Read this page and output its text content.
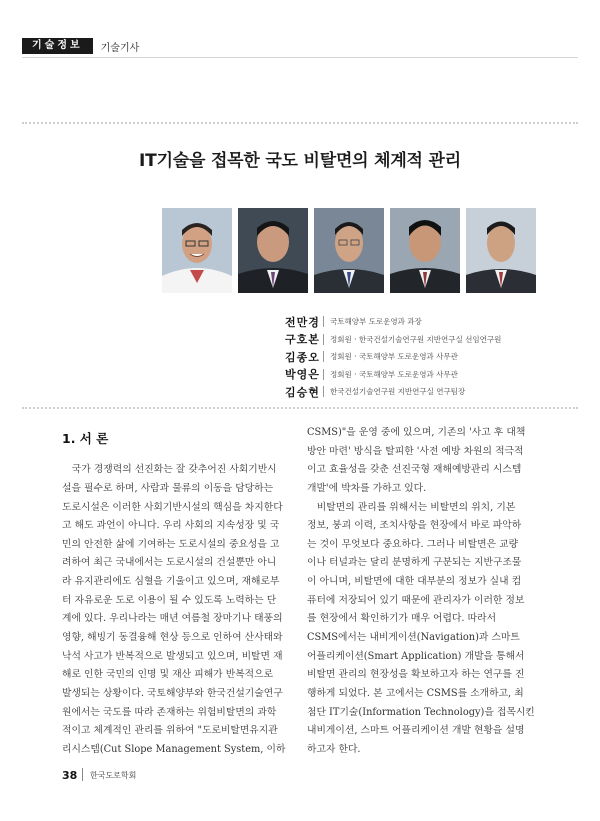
기술정보	기술기사
IT기술을 접목한 국도 비탈면의 체계적 관리
전만경 국토해양부 도로운영과 과장
구호본 정회원 · 한국건설기술연구원 지반연구실 선임연구원
김종오 정회원 · 국토해양부 도로운영과 사무관
박영은 정회원 · 국토해양부 도로운영과 사무관
김승현 한국건설기술연구원 지반연구실 연구팀장
1. 서 론
　국가 경쟁력의 선진화는 잘 갖추어진 사회기반시
설을 필수로 하며, 사람과 물류의 이동을 담당하는
도로시설은 이러한 사회기반시설의 핵심을 차지한다
고 해도 과언이 아니다. 우리 사회의 지속성장 및 국
민의 안전한 삶에 기여하는 도로시설의 중요성을 고
려하여 최근 국내에서는 도로시설의 건설뿐만 아니
라 유지관리에도 심혈을 기울이고 있으며, 재해로부
터 자유로운 도로 이용이 될 수 있도록 노력하는 단
계에 있다. 우리나라는 매년 여름철 장마기나 태풍의
영향, 해빙기 동결융해 현상 등으로 인하여 산사태와
낙석 사고가 반복적으로 발생되고 있으며, 비탈면 재
해로 인한 국민의 인명 및 재산 피해가 반복적으로
발생되는 상황이다. 국토해양부와 한국건설기술연구
원에서는 국도를 따라 존재하는 위험비탈면의 과학
적이고 체계적인 관리를 위하여 "도로비탈면유지관
리시스템(Cut Slope Management System, 이하
CSMS)"을 운영 중에 있으며, 기존의 '사고 후 대책
방안 마련' 방식을 탈피한 '사전 예방 차원의 적극적
이고 효율성을 갖춘 선진국형 재해예방관리 시스템
개발'에 박차를 가하고 있다.
　비탈면의 관리를 위해서는 비탈면의 위치, 기본
정보, 붕괴 이력, 조치사항을 현장에서 바로 파악하
는 것이 무엇보다 중요하다. 그러나 비탈면은 교량
이나 터널과는 달리 분명하게 구분되는 지반구조물
이 아니며, 비탈면에 대한 대부분의 정보가 실내 컴
퓨터에 저장되어 있기 때문에 관리자가 이러한 정보
를 현장에서 확인하기가 매우 어렵다. 따라서
CSMS에서는 내비게이션(Navigation)과 스마트
어플리케이션(Smart Application) 개발을 통해서
비탈면 관리의 현장성을 확보하고자 하는 연구를 진
행하게 되었다. 본 고에서는 CSMS를 소개하고, 최
첨단 IT기술(Information Technology)을 접목시킨
내비게이션, 스마트 어플리케이션 개발 현황을 설명
하고자 한다.
38 한국도로학회
